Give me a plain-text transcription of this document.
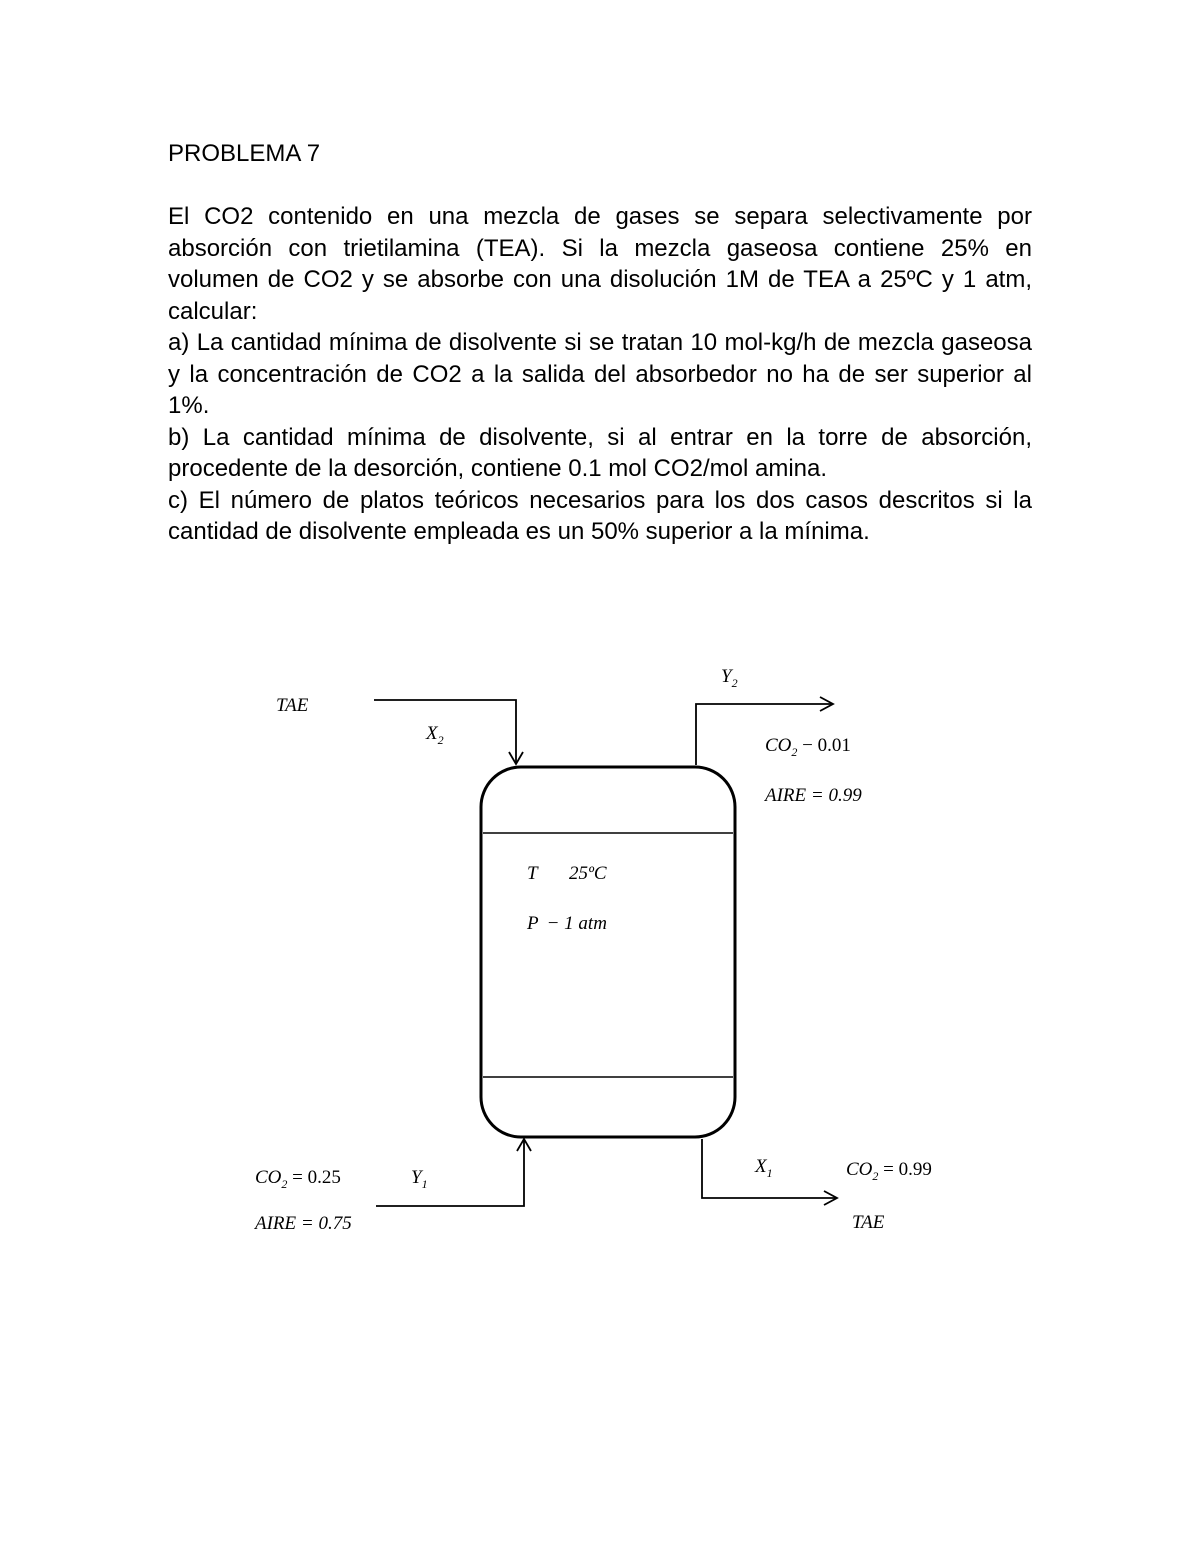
PROBLEMA 7

El CO2 contenido en una mezcla de gases se separa selectivamente por absorción con trietilamina (TEA). Si la mezcla gaseosa contiene 25% en volumen de CO2 y se absorbe con una disolución 1M de TEA a 25ºC y 1 atm, calcular:

a) La cantidad mínima de disolvente si se tratan 10 mol-kg/h de mezcla gaseosa y la concentración de CO2 a la salida del absorbedor no ha de ser superior al 1%.

b) La cantidad mínima de disolvente, si al entrar en la torre de absorción, procedente de la desorción, contiene 0.1 mol CO2/mol amina.

c) El número de platos teóricos necesarios para los dos casos descritos si la cantidad de disolvente empleada es un 50% superior a la mínima.

TAE
$X_2$
$Y_2$
$CO_2 - 0.01$
AIRE = 0.99
T 25ºC
P − 1 atm
$CO_2 = 0.25$
AIRE = 0.75
$Y_1$
$X_1$	$CO_2 = 0.99$
TAE
